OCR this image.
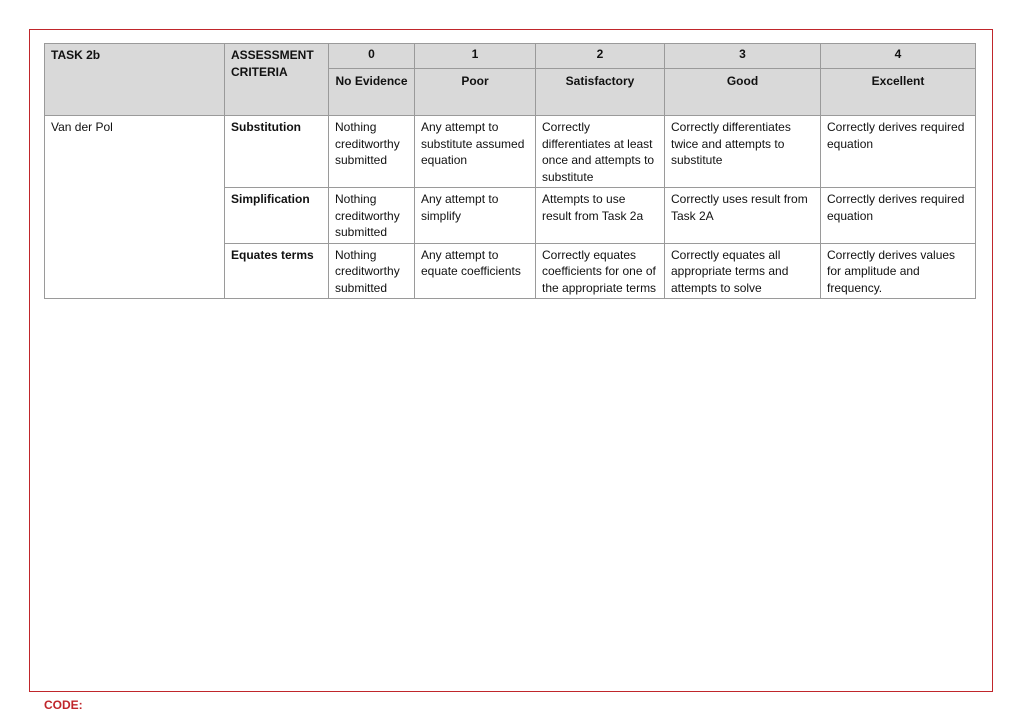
TASK 2b	ASSESSMENT CRITERIA	0	1	2	3	4
		No Evidence	Poor	Satisfactory	Good	Excellent
Van der Pol	Substitution	Nothing creditworthy submitted	Any attempt to substitute assumed equation	Correctly differentiates at least once and attempts to substitute	Correctly differentiates twice and attempts to substitute	Correctly derives required equation
	Simplification	Nothing creditworthy submitted	Any attempt to simplify	Attempts to use result from Task 2a	Correctly uses result from Task 2A	Correctly derives required equation
	Equates terms	Nothing creditworthy submitted	Any attempt to equate coefficients	Correctly equates coefficients for one of the appropriate terms	Correctly equates all appropriate terms and attempts to solve	Correctly derives values for amplitude and frequency.
CODE:
